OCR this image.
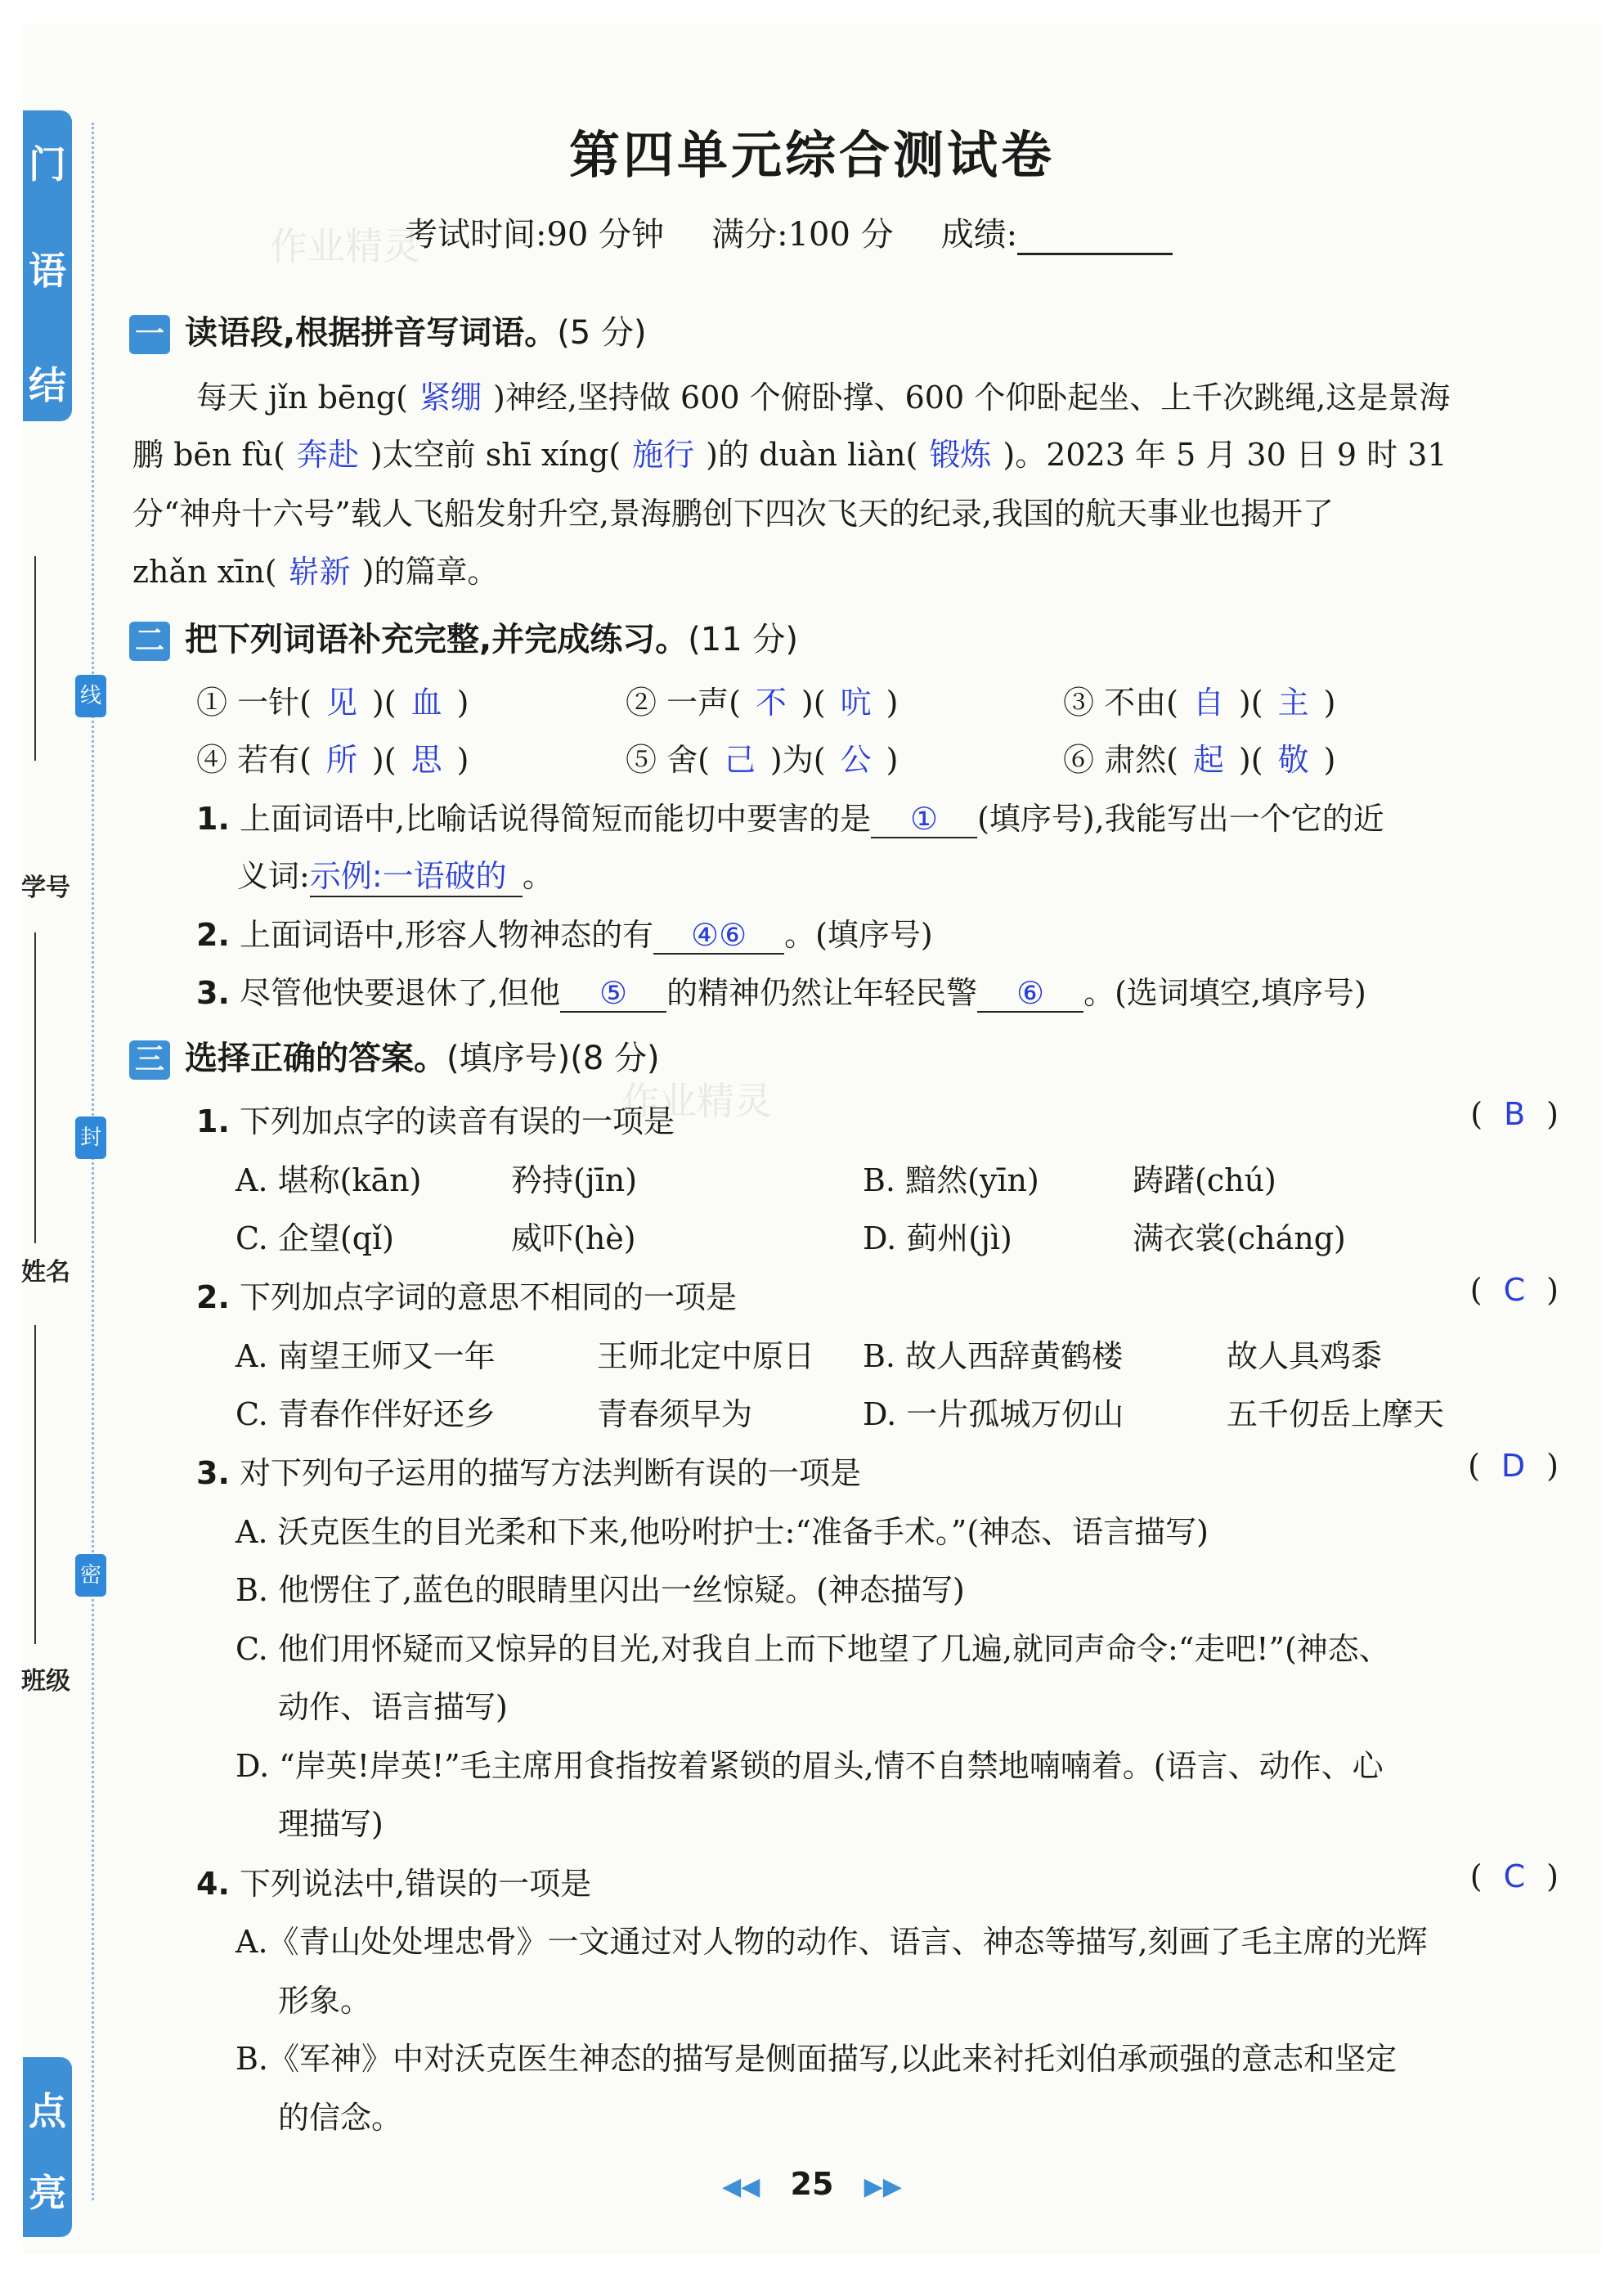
门
语
结
点
亮
线
封
密
学号
姓名
班级
作业精灵
作业精灵
第四单元综合测试卷
考试时间:90 分钟 满分:100 分 成绩:
一 读语段,根据拼音写词语。(5 分)
每天 jǐn bēng( 紧绷 )神经,坚持做 600 个俯卧撑、600 个仰卧起坐、上千次跳绳,这是景海
鹏 bēn fù( 奔赴 )太空前 shī xíng( 施行 )的 duàn liàn( 锻炼 )。2023 年 5 月 30 日 9 时 31
分“神舟十六号”载人飞船发射升空,景海鹏创下四次飞天的纪录,我国的航天事业也揭开了
zhǎn xīn( 崭新 )的篇章。
二 把下列词语补充完整,并完成练习。(11 分)
① 一针( 见 )( 血 )	② 一声( 不 )( 吭 )	③ 不由( 自 )( 主 )
④ 若有( 所 )( 思 )	⑤ 舍( 己 )为( 公 )	⑥ 肃然( 起 )( 敬 )
1. 上面词语中,比喻话说得简短而能切中要害的是 ① (填序号),我能写出一个它的近
义词:示例:一语破的 。
2. 上面词语中,形容人物神态的有 ④⑥ 。(填序号)
3. 尽管他快要退休了,但他 ⑤ 的精神仍然让年轻民警 ⑥ 。(选词填空,填序号)
三 选择正确的答案。(填序号)(8 分)
1. 下列加点字的读音有误的一项是	( B )
A. 堪称(kān)	矜持(jīn)	B. 黯然(yīn)	踌躇(chú)
C. 企望(qǐ)	威吓(hè)	D. 蓟州(jì)	满衣裳(cháng)
2. 下列加点字词的意思不相同的一项是	( C )
A. 南望王师又一年	王师北定中原日 B. 故人西辞黄鹤楼	故人具鸡黍
C. 青春作伴好还乡	青春须早为	D. 一片孤城万仞山	五千仞岳上摩天
3. 对下列句子运用的描写方法判断有误的一项是	( D )
A. 沃克医生的目光柔和下来,他吩咐护士:“准备手术。”(神态、语言描写)
B. 他愣住了,蓝色的眼睛里闪出一丝惊疑。(神态描写)
C. 他们用怀疑而又惊异的目光,对我自上而下地望了几遍,就同声命令:“走吧!”(神态、
动作、语言描写)
D. “岸英!岸英!”毛主席用食指按着紧锁的眉头,情不自禁地喃喃着。(语言、动作、心
理描写)
4. 下列说法中,错误的一项是	( C )
A.《青山处处埋忠骨》一文通过对人物的动作、语言、神态等描写,刻画了毛主席的光辉
形象。
B.《军神》中对沃克医生神态的描写是侧面描写,以此来衬托刘伯承顽强的意志和坚定
的信念。
◀◀ 25 ▶▶
